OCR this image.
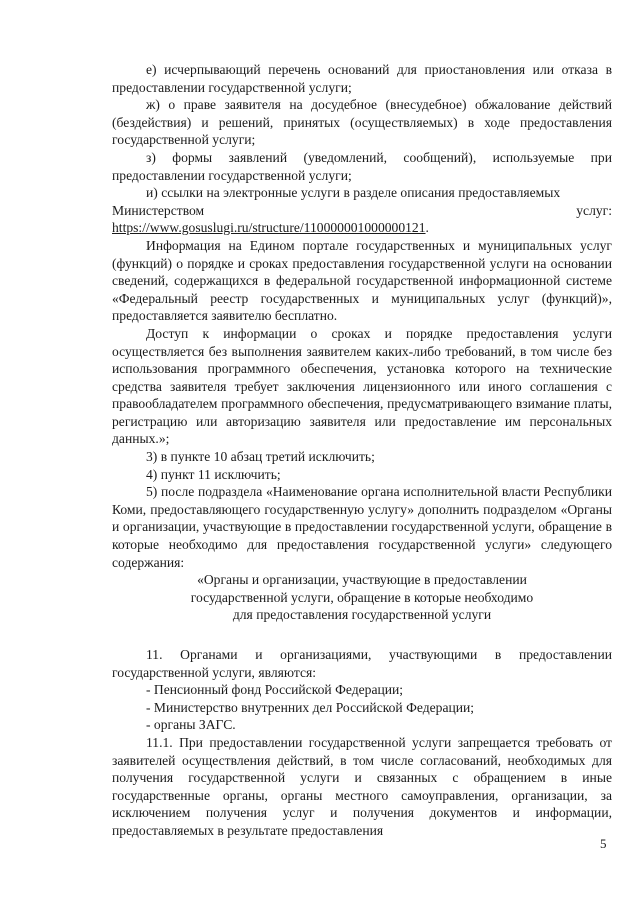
е) исчерпывающий перечень оснований для приостановления или отказа в предоставлении государственной услуги;

ж) о праве заявителя на досудебное (внесудебное) обжалование действий (бездействия) и решений, принятых (осуществляемых) в ходе предоставления государственной услуги;

з) формы заявлений (уведомлений, сообщений), используемые при предоставлении государственной услуги;

и) ссылки на электронные услуги в разделе описания предоставляемых

Министерством	услуг:

https://www.gosuslugi.ru/structure/110000001000000121.

Информация на Едином портале государственных и муниципальных услуг (функций) о порядке и сроках предоставления государственной услуги на основании сведений, содержащихся в федеральной государственной информационной системе «Федеральный реестр государственных и муниципальных услуг (функций)», предоставляется заявителю бесплатно.

Доступ к информации о сроках и порядке предоставления услуги осуществляется без выполнения заявителем каких-либо требований, в том числе без использования программного обеспечения, установка которого на технические средства заявителя требует заключения лицензионного или иного соглашения с правообладателем программного обеспечения, предусматривающего взимание платы, регистрацию или авторизацию заявителя или предоставление им персональных данных.»;

3) в пункте 10 абзац третий исключить;

4) пункт 11 исключить;

5) после подраздела «Наименование органа исполнительной власти Республики Коми, предоставляющего государственную услугу» дополнить подразделом «Органы и организации, участвующие в предоставлении государственной услуги, обращение в которые необходимо для предоставления государственной услуги» следующего содержания:

«Органы и организации, участвующие в предоставлении

государственной услуги, обращение в которые необходимо

для предоставления государственной услуги

11. Органами и организациями, участвующими в предоставлении государственной услуги, являются:

- Пенсионный фонд Российской Федерации;

- Министерство внутренних дел Российской Федерации;

- органы ЗАГС.

11.1. При предоставлении государственной услуги запрещается требовать от заявителей осуществления действий, в том числе согласований, необходимых для получения государственной услуги и связанных с обращением в иные государственные органы, органы местного самоуправления, организации, за исключением получения услуг и получения документов и информации, предоставляемых в результате предоставления

5
